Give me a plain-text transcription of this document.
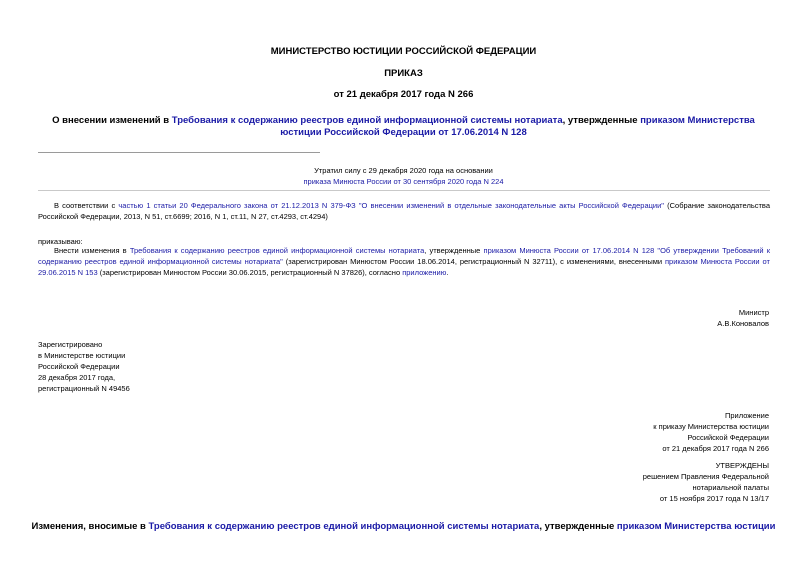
МИНИСТЕРСТВО ЮСТИЦИИ РОССИЙСКОЙ ФЕДЕРАЦИИ
ПРИКАЗ
от 21 декабря 2017 года N 266
О внесении изменений в Требования к содержанию реестров единой информационной системы нотариата, утвержденные приказом Министерства юстиции Российской Федерации от 17.06.2014 N 128
Утратил силу с 29 декабря 2020 года на основании
приказа Минюста России от 30 сентября 2020 года N 224
В соответствии с частью 1 статьи 20 Федерального закона от 21.12.2013 N 379-ФЗ "О внесении изменений в отдельные законодательные акты Российской Федерации" (Собрание законодательства Российской Федерации, 2013, N 51, ст.6699; 2016, N 1, ст.11, N 27, ст.4293, ст.4294)
приказываю:
Внести изменения в Требования к содержанию реестров единой информационной системы нотариата, утвержденные приказом Минюста России от 17.06.2014 N 128 "Об утверждении Требований к содержанию реестров единой информационной системы нотариата" (зарегистрирован Минюстом России 18.06.2014, регистрационный N 32711), с изменениями, внесенными приказом Минюста России от 29.06.2015 N 153 (зарегистрирован Минюстом России 30.06.2015, регистрационный N 37826), согласно приложению.
Министр
А.В.Коновалов
Зарегистрировано
в Министерстве юстиции
Российской Федерации
28 декабря 2017 года,
регистрационный N 49456
Приложение
к приказу Министерства юстиции
Российской Федерации
от 21 декабря 2017 года N 266
УТВЕРЖДЕНЫ
решением Правления Федеральной
нотариальной палаты
от 15 ноября 2017 года N 13/17
Изменения, вносимые в Требования к содержанию реестров единой информационной системы нотариата, утвержденные приказом Министерства юстиции
